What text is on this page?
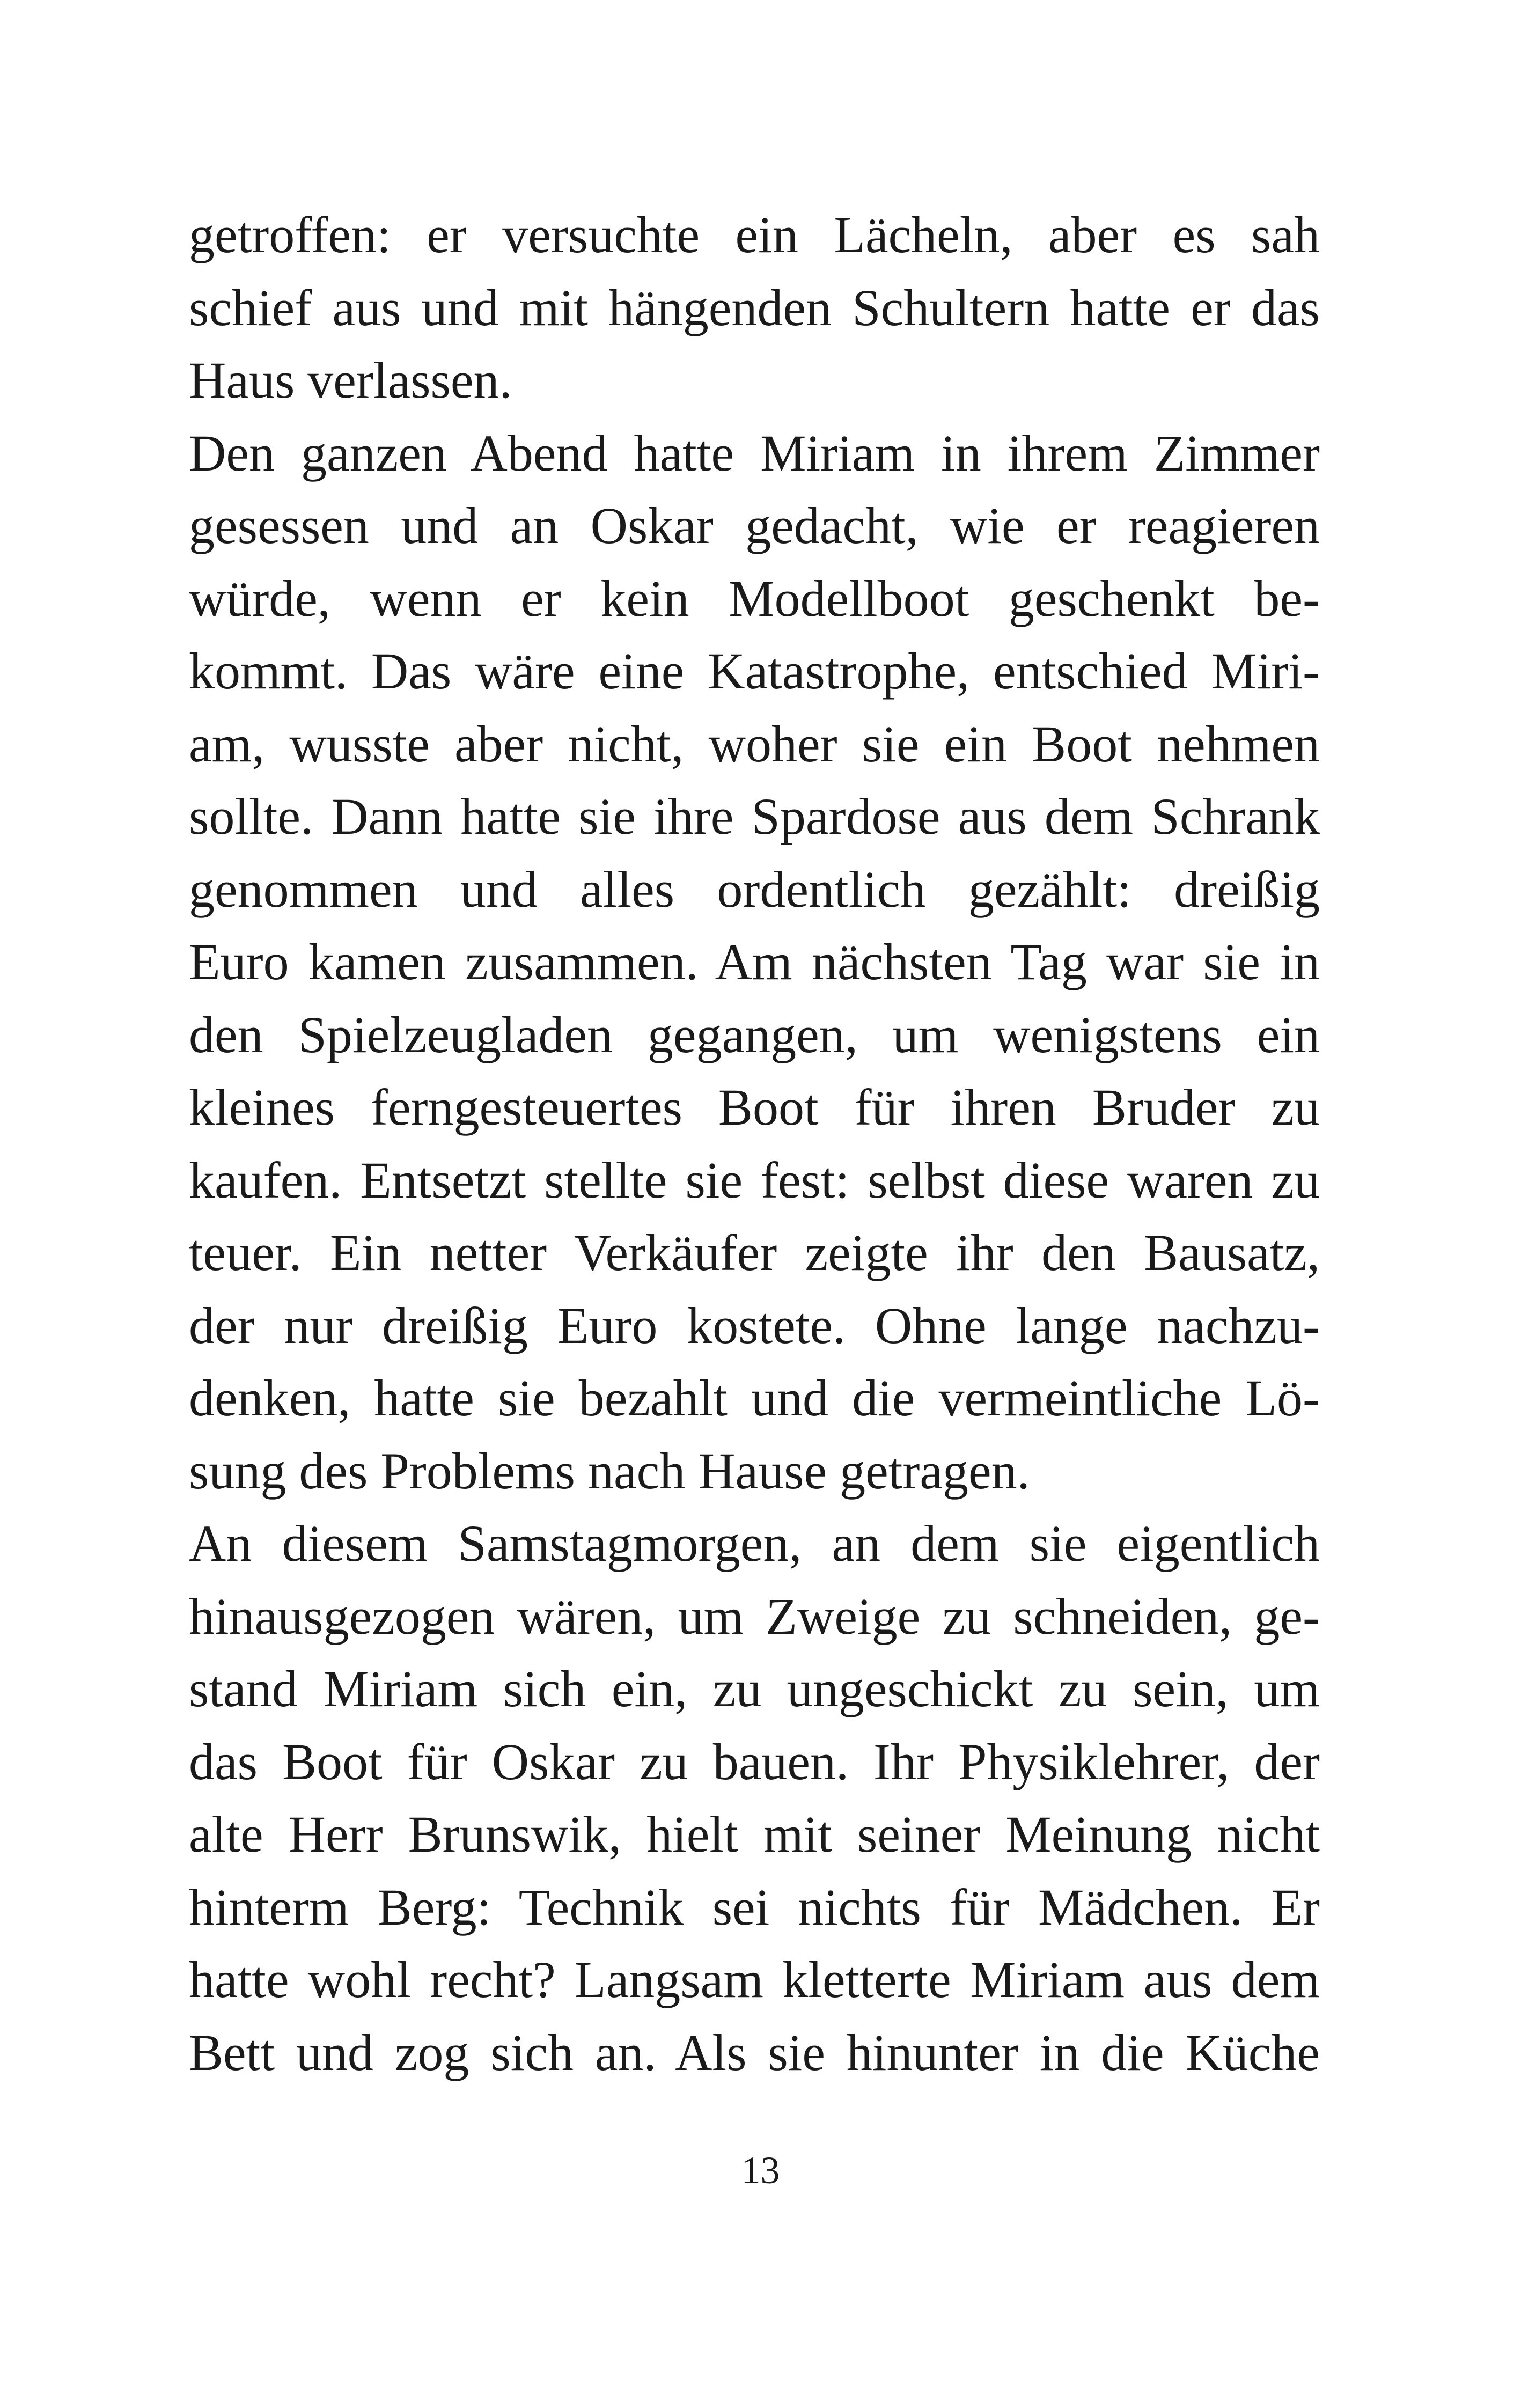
getroffen: er versuchte ein Lächeln, aber es sah
schief aus und mit hängenden Schultern hatte er das
Haus verlassen.
Den ganzen Abend hatte Miriam in ihrem Zimmer
gesessen und an Oskar gedacht, wie er reagieren
würde, wenn er kein Modellboot geschenkt be-
kommt. Das wäre eine Katastrophe, entschied Miri-
am, wusste aber nicht, woher sie ein Boot nehmen
sollte. Dann hatte sie ihre Spardose aus dem Schrank
genommen und alles ordentlich gezählt: dreißig
Euro kamen zusammen. Am nächsten Tag war sie in
den Spielzeugladen gegangen, um wenigstens ein
kleines ferngesteuertes Boot für ihren Bruder zu
kaufen. Entsetzt stellte sie fest: selbst diese waren zu
teuer. Ein netter Verkäufer zeigte ihr den Bausatz,
der nur dreißig Euro kostete. Ohne lange nachzu-
denken, hatte sie bezahlt und die vermeintliche Lö-
sung des Problems nach Hause getragen.
An diesem Samstagmorgen, an dem sie eigentlich
hinausgezogen wären, um Zweige zu schneiden, ge-
stand Miriam sich ein, zu ungeschickt zu sein, um
das Boot für Oskar zu bauen. Ihr Physiklehrer, der
alte Herr Brunswik, hielt mit seiner Meinung nicht
hinterm Berg: Technik sei nichts für Mädchen. Er
hatte wohl recht? Langsam kletterte Miriam aus dem
Bett und zog sich an. Als sie hinunter in die Küche
13
